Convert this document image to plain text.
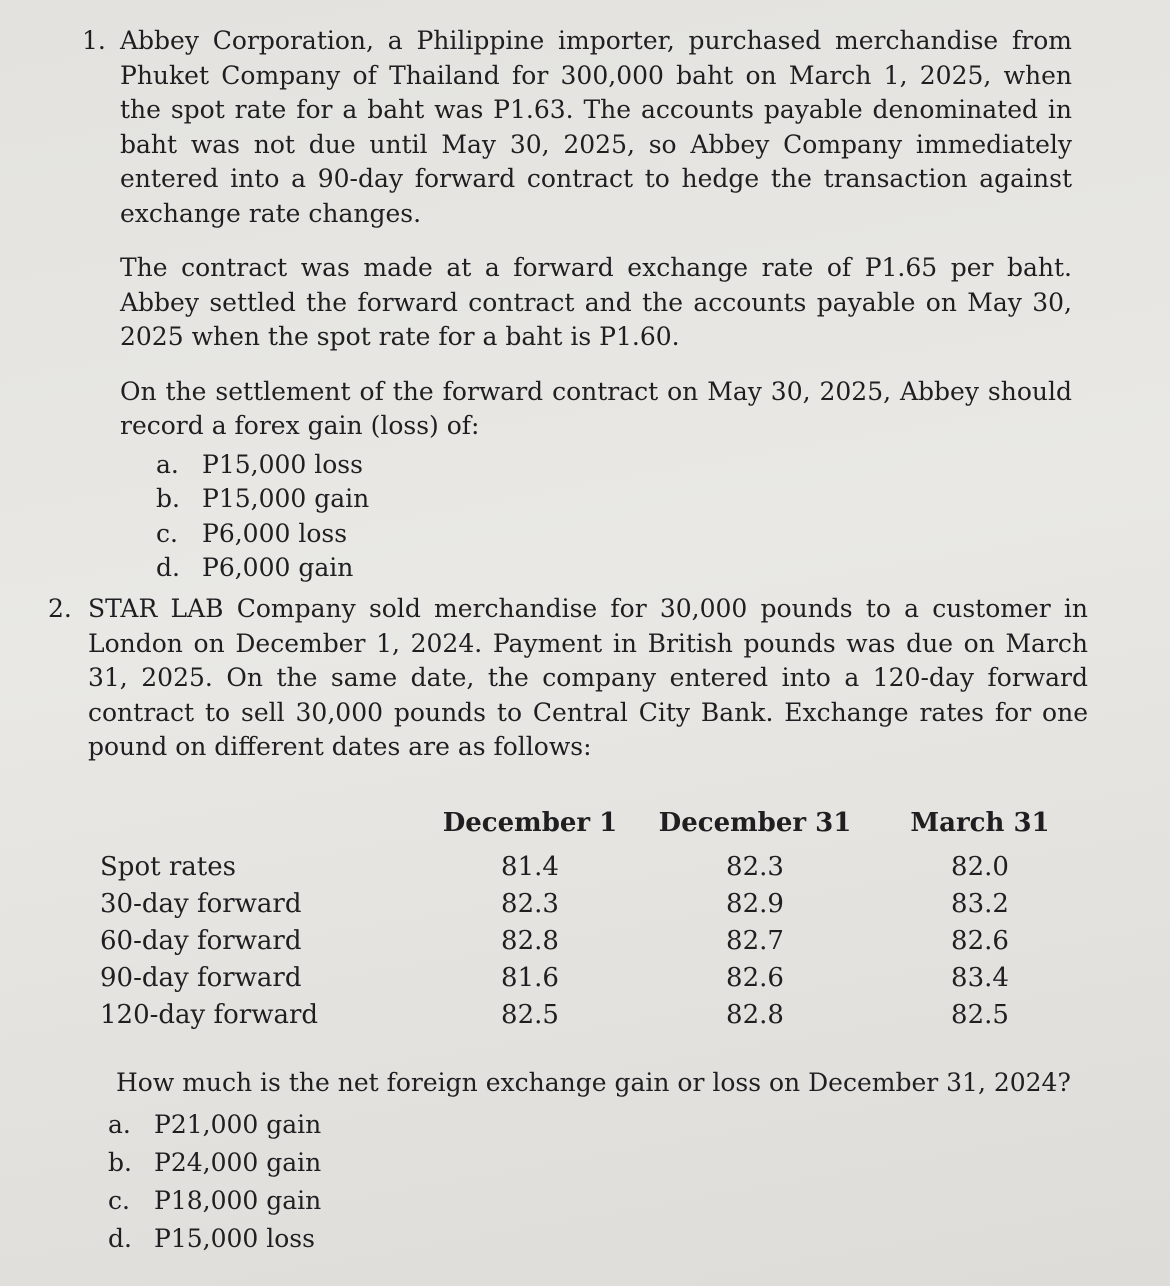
1. Abbey Corporation, a Philippine importer, purchased merchandise from Phuket Company of Thailand for 300,000 baht on March 1, 2025, when the spot rate for a baht was P1.63. The accounts payable denominated in baht was not due until May 30, 2025, so Abbey Company immediately entered into a 90-day forward contract to hedge the transaction against exchange rate changes.

The contract was made at a forward exchange rate of P1.65 per baht. Abbey settled the forward contract and the accounts payable on May 30, 2025 when the spot rate for a baht is P1.60.

On the settlement of the forward contract on May 30, 2025, Abbey should record a forex gain (loss) of:

a. P15,000 loss
b. P15,000 gain
c. P6,000 loss
d. P6,000 gain
2. STAR LAB Company sold merchandise for 30,000 pounds to a customer in London on December 1, 2024. Payment in British pounds was due on March 31, 2025. On the same date, the company entered into a 120-day forward contract to sell 30,000 pounds to Central City Bank. Exchange rates for one pound on different dates are as follows:

	December 1	December 31	March 31
Spot rates	81.4	82.3	82.0
30-day forward	82.3	82.9	83.2
60-day forward	82.8	82.7	82.6
90-day forward	81.6	82.6	83.4
120-day forward	82.5	82.8	82.5
How much is the net foreign exchange gain or loss on December 31, 2024?
a. P21,000 gain
b. P24,000 gain
c. P18,000 gain
d. P15,000 loss
